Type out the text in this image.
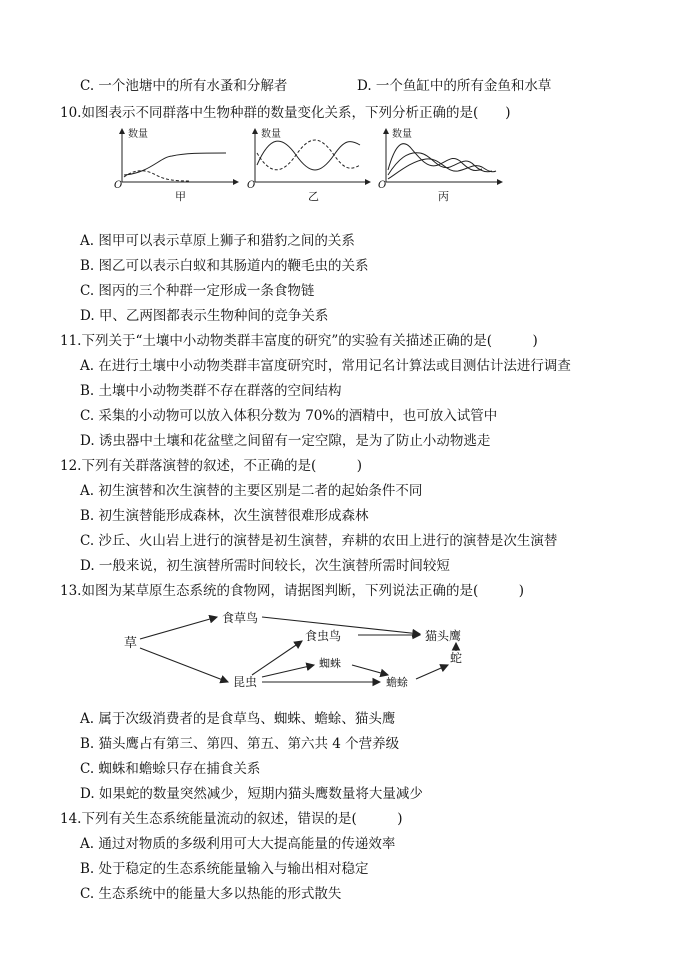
C. 一个池塘中的所有水蚤和分解者	D. 一个鱼缸中的所有金鱼和水草
10.如图表示不同群落中生物种群的数量变化关系，下列分析正确的是(　　)
数量
O
甲
数量
O
乙
数量
O
丙
A. 图甲可以表示草原上狮子和猎豹之间的关系
B. 图乙可以表示白蚁和其肠道内的鞭毛虫的关系
C. 图丙的三个种群一定形成一条食物链
D. 甲、乙两图都表示生物种间的竞争关系
11.下列关于“土壤中小动物类群丰富度的研究”的实验有关描述正确的是(　　　)
A. 在进行土壤中小动物类群丰富度研究时，常用记名计算法或目测估计法进行调查
B. 土壤中小动物类群不存在群落的空间结构
C. 采集的小动物可以放入体积分数为 70%的酒精中，也可放入试管中
D. 诱虫器中土壤和花盆壁之间留有一定空隙，是为了防止小动物逃走
12.下列有关群落演替的叙述，不正确的是(　　　)
A. 初生演替和次生演替的主要区别是二者的起始条件不同
B. 初生演替能形成森林，次生演替很难形成森林
C. 沙丘、火山岩上进行的演替是初生演替，弃耕的农田上进行的演替是次生演替
D. 一般来说，初生演替所需时间较长，次生演替所需时间较短
13.如图为某草原生态系统的食物网，请据图判断，下列说法正确的是(　　　)
草
食草鸟
食虫鸟	猫头鹰
蛇
蜘蛛
昆虫	蟾蜍
A. 属于次级消费者的是食草鸟、蜘蛛、蟾蜍、猫头鹰
B. 猫头鹰占有第三、第四、第五、第六共 4 个营养级
C. 蜘蛛和蟾蜍只存在捕食关系
D. 如果蛇的数量突然减少，短期内猫头鹰数量将大量减少
14.下列有关生态系统能量流动的叙述，错误的是(　　　)
A. 通过对物质的多级利用可大大提高能量的传递效率
B. 处于稳定的生态系统能量输入与输出相对稳定
C. 生态系统中的能量大多以热能的形式散失
